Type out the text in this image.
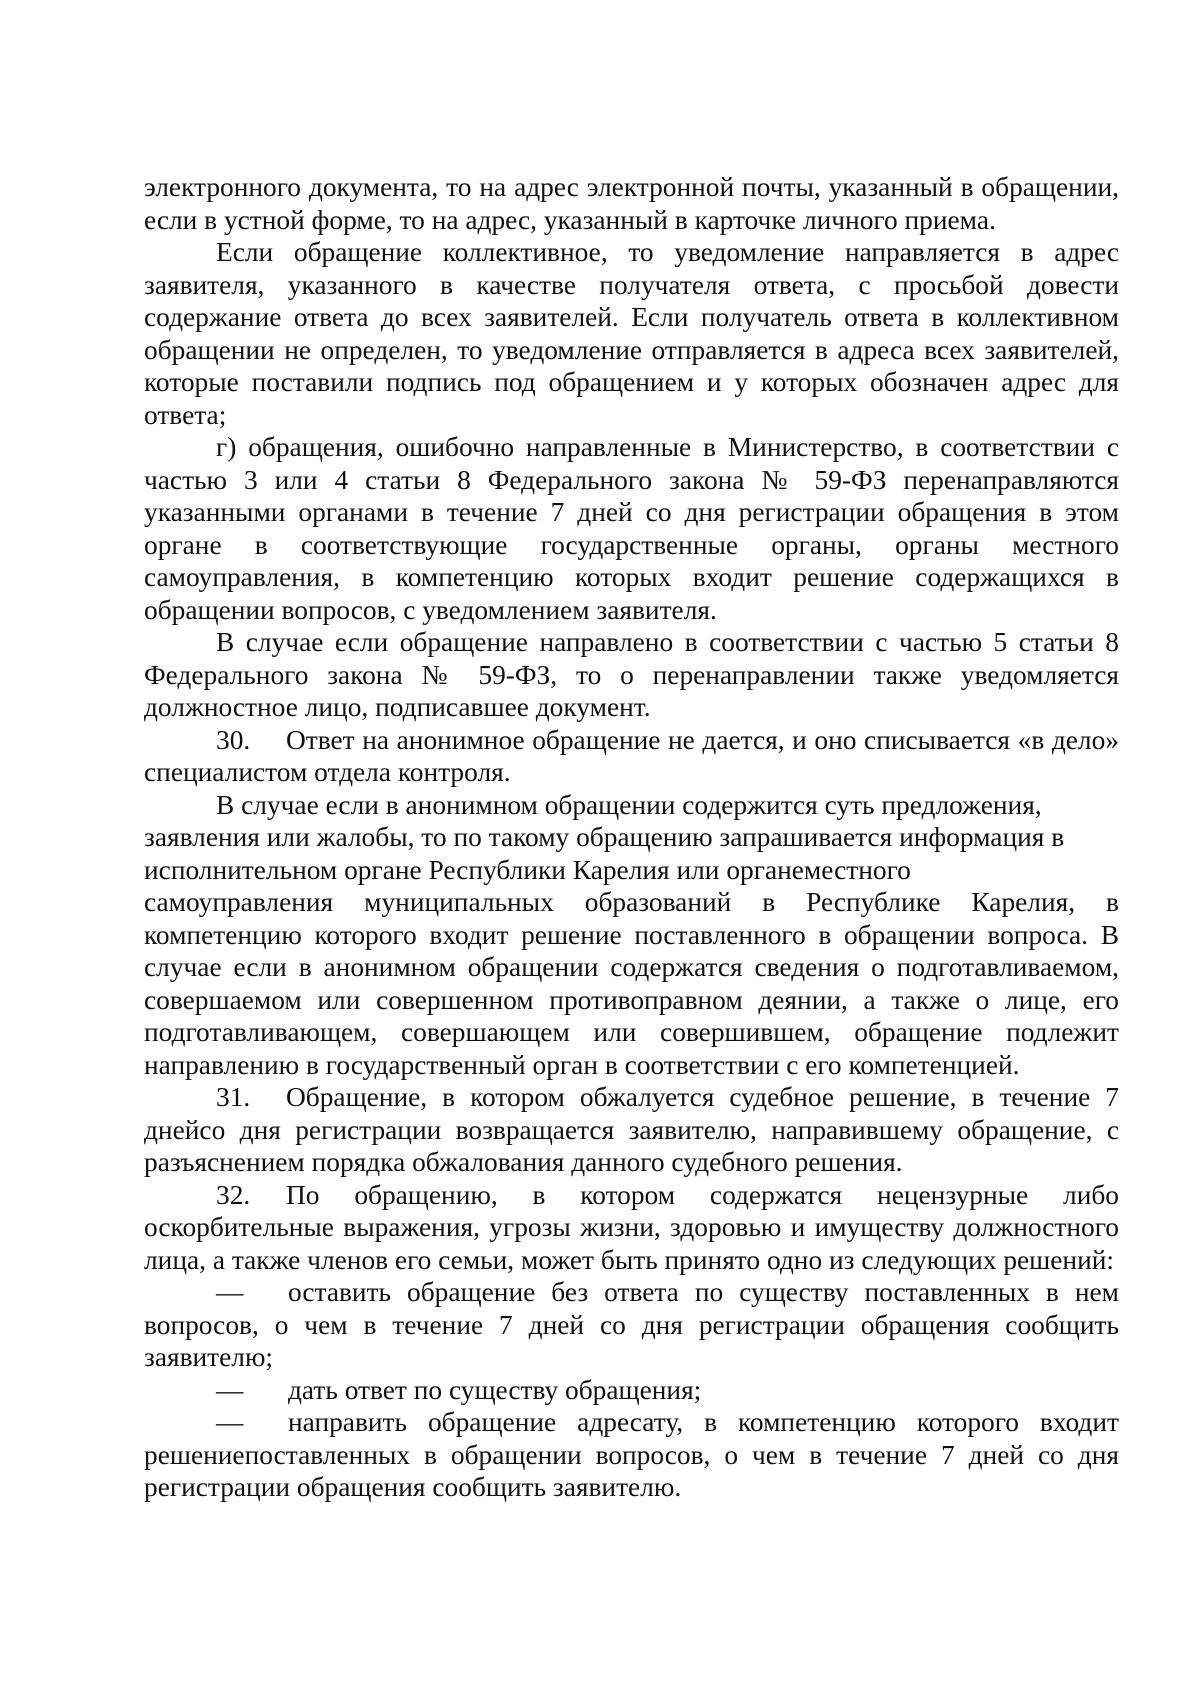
электронного документа, то на адрес электронной почты, указанный в обращении, если в устной форме, то на адрес, указанный в карточке личного приема.

Если обращение коллективное, то уведомление направляется в адрес заявителя, указанного в качестве получателя ответа, с просьбой довести содержание ответа до всех заявителей. Если получатель ответа в коллективном обращении не определен, то уведомление отправляется в адреса всех заявителей, которые поставили подпись под обращением и у которых обозначен адрес для ответа;

г) обращения, ошибочно направленные в Министерство, в соответствии с частью 3 или 4 статьи 8 Федерального закона № 59-ФЗ перенаправляются указанными органами в течение 7 дней со дня регистрации обращения в этом органе в соответствующие государственные органы, органы местного самоуправления, в компетенцию которых входит решение содержащихся в обращении вопросов, с уведомлением заявителя.

В случае если обращение направлено в соответствии с частью 5 статьи 8 Федерального закона № 59-ФЗ, то о перенаправлении также уведомляется должностное лицо, подписавшее документ.

30. Ответ на анонимное обращение не дается, и оно списывается «в дело» специалистом отдела контроля.

В случае если в анонимном обращении содержится суть предложения, заявления или жалобы, то по такому обращению запрашивается информация в исполнительном органе Республики Карелия или органеместного

самоуправления муниципальных образований в Республике Карелия, в компетенцию которого входит решение поставленного в обращении вопроса. В случае если в анонимном обращении содержатся сведения о подготавливаемом, совершаемом или совершенном противоправном деянии, а также о лице, его подготавливающем, совершающем или совершившем, обращение подлежит направлению в государственный орган в соответствии с его компетенцией.

31. Обращение, в котором обжалуется судебное решение, в течение 7 днейсо дня регистрации возвращается заявителю, направившему обращение, с разъяснением порядка обжалования данного судебного решения.

32. По обращению, в котором содержатся нецензурные либо оскорбительные выражения, угрозы жизни, здоровью и имуществу должностного лица, а также членов его семьи, может быть принято одно из следующих решений:

— оставить обращение без ответа по существу поставленных в нем вопросов, о чем в течение 7 дней со дня регистрации обращения сообщить заявителю;

— дать ответ по существу обращения;

— направить обращение адресату, в компетенцию которого входит решениепоставленных в обращении вопросов, о чем в течение 7 дней со дня регистрации обращения сообщить заявителю.
